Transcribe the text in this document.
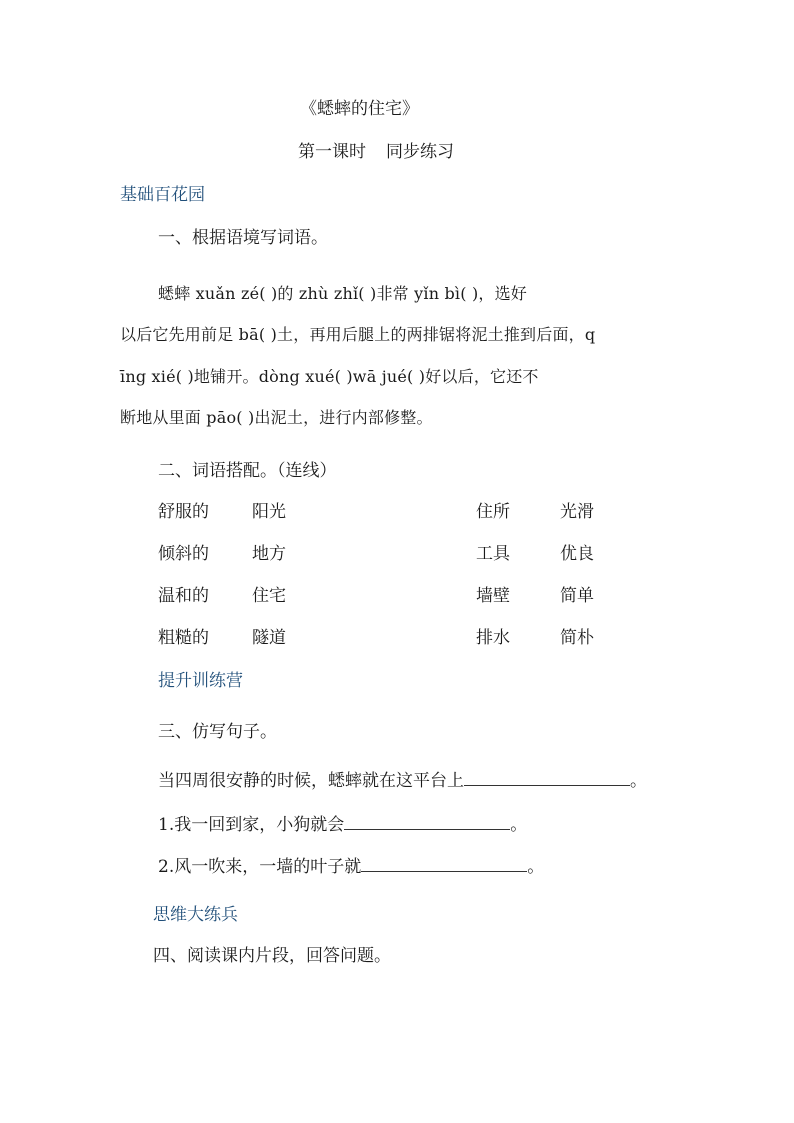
《蟋蟀的住宅》
第一课时 同步练习
基础百花园
一、根据语境写词语。
蟋蟀 xuǎn zé( )的 zhù zhǐ( )非常 yǐn bì( )，选好
以后它先用前足 bā( )土，再用后腿上的两排锯将泥土推到后面，q
īng xié( )地铺开。dòng xué( )wā jué( )好以后，它还不
断地从里面 pāo( )出泥土，进行内部修整。
二、词语搭配。（连线）
舒服的	阳光	住所	光滑
倾斜的	地方	工具	优良
温和的	住宅	墙壁	简单
粗糙的	隧道	排水	简朴
提升训练营
三、仿写句子。
当四周很安静的时候，蟋蟀就在这平台上	。
1.我一回到家，小狗就会	。
2.风一吹来，一墙的叶子就	。
思维大练兵
四、阅读课内片段，回答问题。
